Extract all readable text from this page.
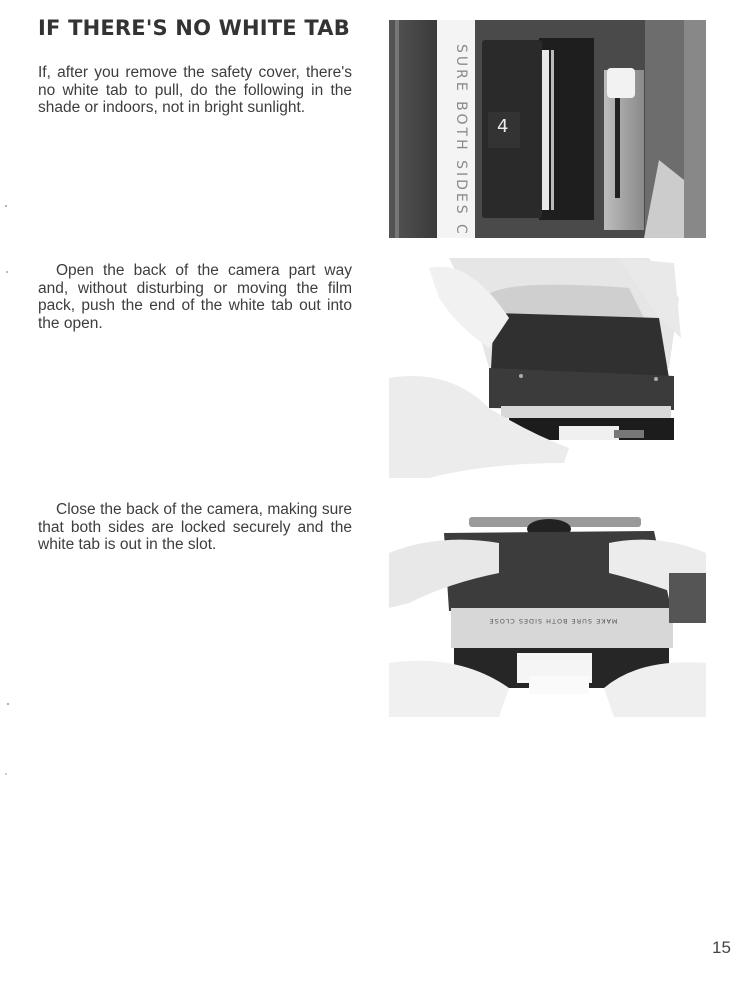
IF THERE'S NO WHITE TAB

If, after you remove the safety cover, there's no white tab to pull, do the following in the shade or indoors, not in bright sunlight.

Open the back of the camera part way and, without disturbing or moving the film pack, push the end of the white tab out into the open.

Close the back of the camera, making sure that both sides are locked securely and the white tab is out in the slot.

SURE BOTH SIDES C 4
MAKE SURE BOTH SIDES CLOSE
15
